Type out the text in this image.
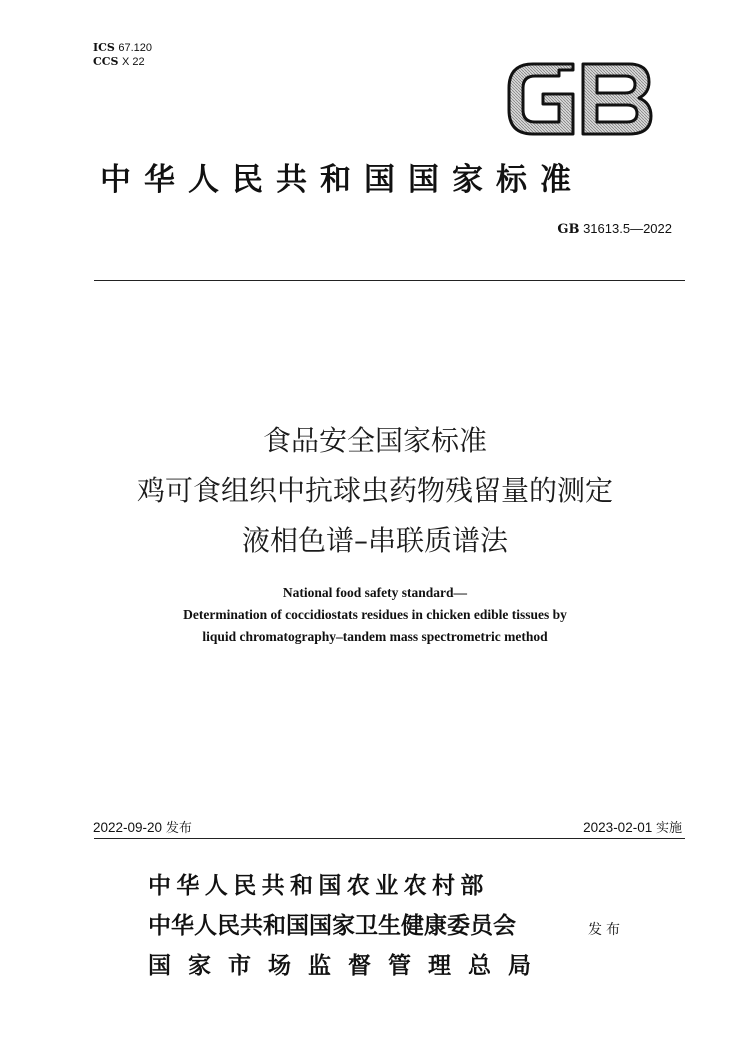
ICS 67.120
CCS X 22
中华人民共和国国家标准
GB 31613.5—2022
食品安全国家标准
鸡可食组织中抗球虫药物残留量的测定
液相色谱–串联质谱法
National food safety standard—
Determination of coccidiostats residues in chicken edible tissues by
liquid chromatography–tandem mass spectrometric method
2022-09-20 发布	2023-02-01 实施
中华人民共和国农业农村部
中华人民共和国国家卫生健康委员会
国家市场监督管理总局
发布
